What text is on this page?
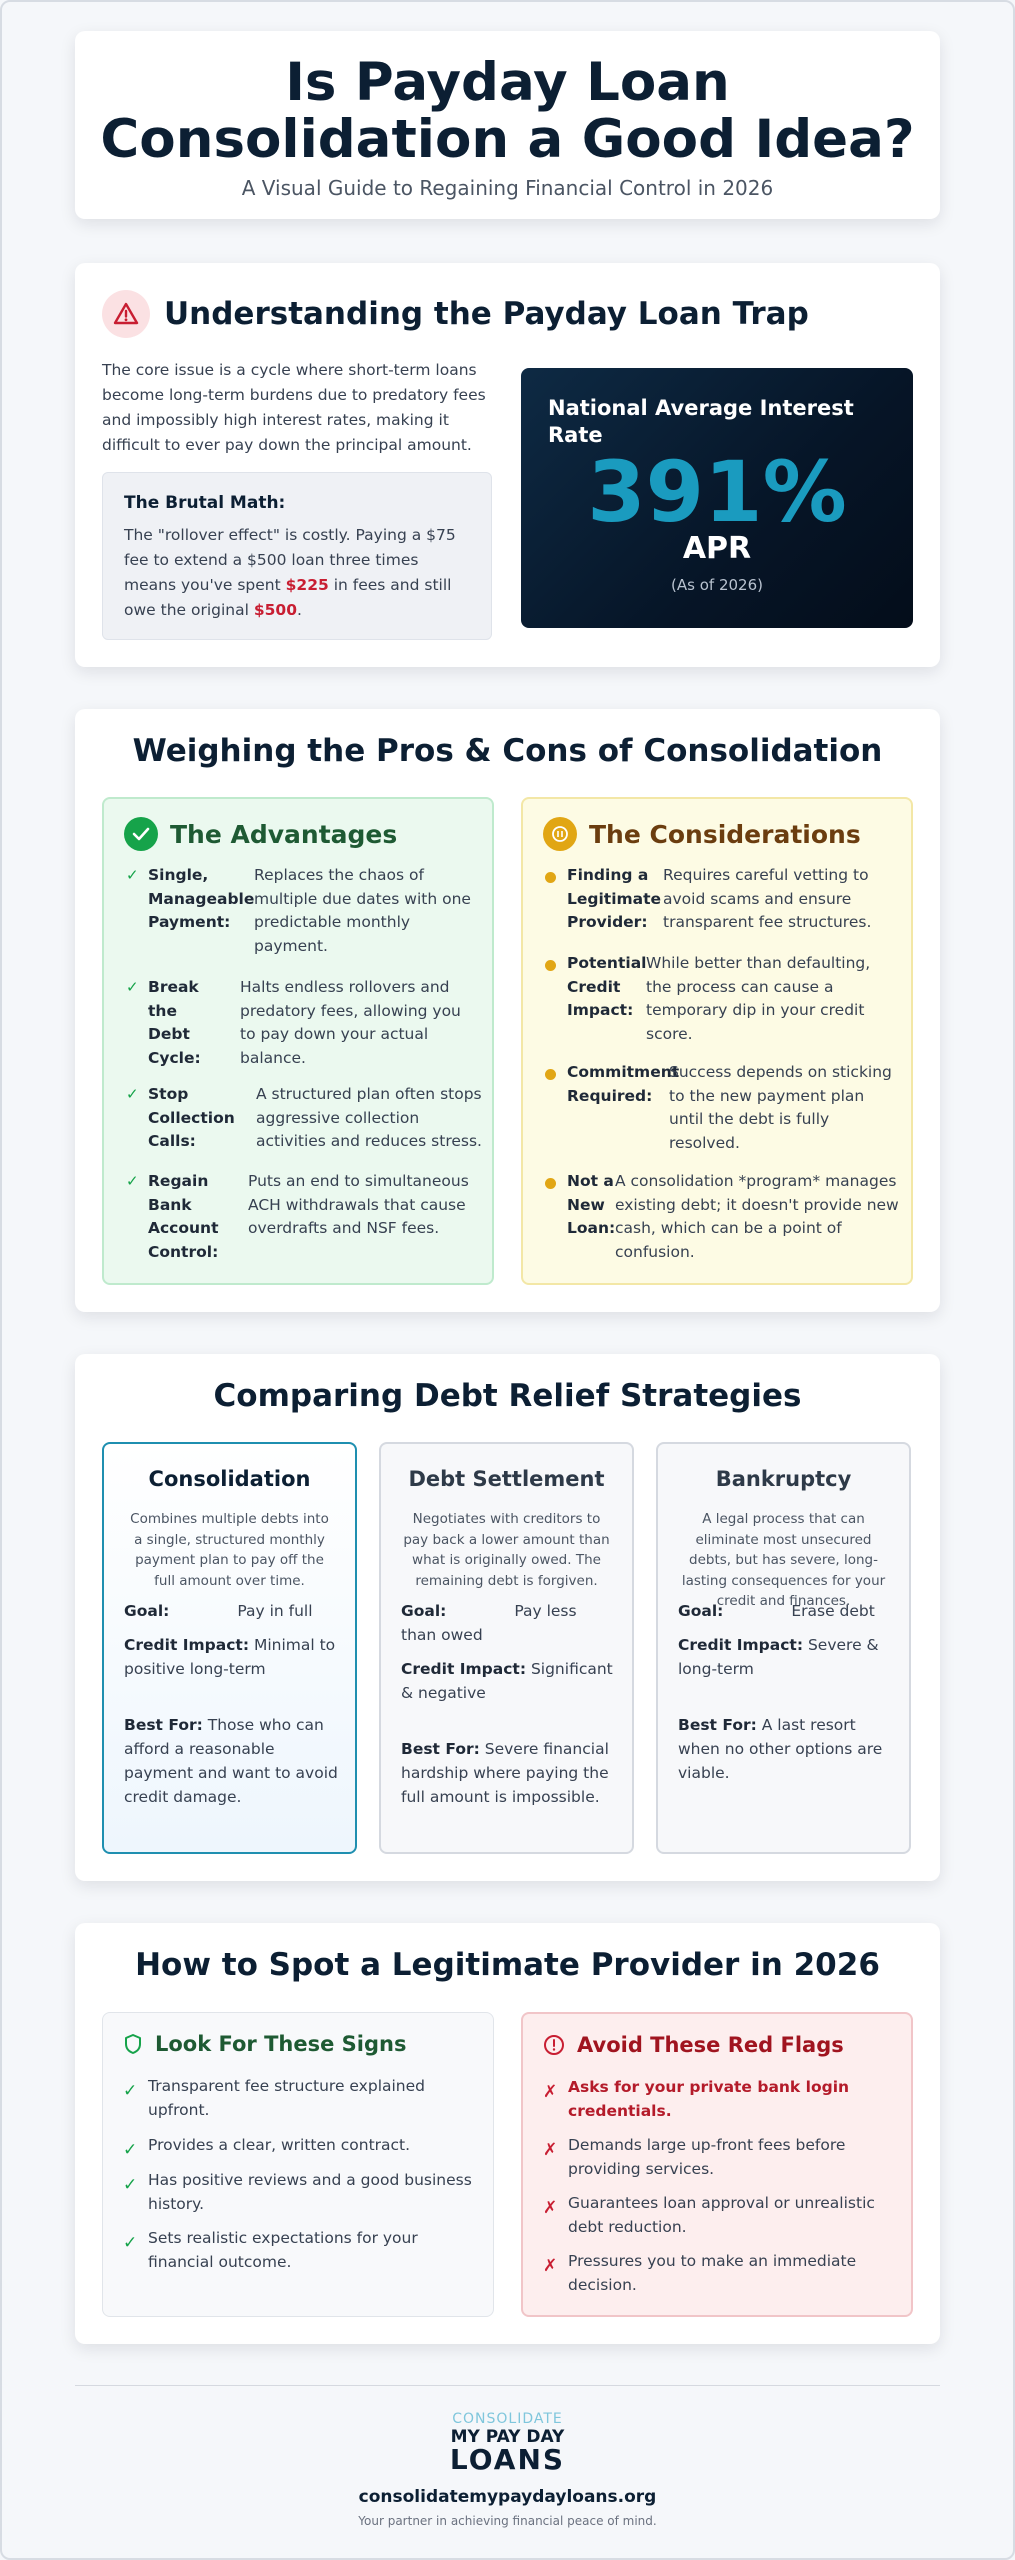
Is Payday Loan
Consolidation a Good Idea?
A Visual Guide to Regaining Financial Control in 2026
Understanding the Payday Loan Trap

The core issue is a cycle where short-term loans become long-term burdens due to predatory fees and impossibly high interest rates, making it difficult to ever pay down the principal amount.

The Brutal Math:

The "rollover effect" is costly. Paying a $75 fee to extend a $500 loan three times means you've spent $225 in fees and still owe the original $500.

National Average Interest Rate
391%
APR
(As of 2026)
Weighing the Pros & Cons of Consolidation
The Advantages
✓ Single, Manageable Payment:
Replaces the chaos of multiple due dates with one predictable monthly payment.
✓ Break the Debt Cycle:
Halts endless rollovers and predatory fees, allowing you to pay down your actual balance.
✓ Stop Collection Calls:
A structured plan often stops aggressive collection activities and reduces stress.
✓ Regain Bank Account Control:
Puts an end to simultaneous ACH withdrawals that cause overdrafts and NSF fees.
The Considerations
Finding a Legitimate Provider:
Requires careful vetting to avoid scams and ensure transparent fee structures.
Potential Credit Impact:
While better than defaulting, the process can cause a temporary dip in your credit score.
Commitment Required:
Success depends on sticking to the new payment plan until the debt is fully resolved.
Not a New Loan:
A consolidation *program* manages existing debt; it doesn't provide new cash, which can be a point of confusion.
Comparing Debt Relief Strategies
Consolidation
Combines multiple debts into a single, structured monthly payment plan to pay off the full amount over time.
Goal:	Pay in full
Credit Impact: Minimal to positive long-term
Best For: Those who can afford a reasonable payment and want to avoid credit damage.
Debt Settlement
Negotiates with creditors to pay back a lower amount than what is originally owed. The remaining debt is forgiven.
Goal:	Pay less than owed
Credit Impact: Significant & negative
Best For: Severe financial hardship where paying the full amount is impossible.
Bankruptcy
A legal process that can eliminate most unsecured debts, but has severe, long-lasting consequences for your credit and finances.
Goal:	Erase debt
Credit Impact: Severe & long-term
Best For: A last resort when no other options are viable.
How to Spot a Legitimate Provider in 2026
Look For These Signs
✓ Transparent fee structure explained upfront.
✓ Provides a clear, written contract.
✓ Has positive reviews and a good business history.
✓ Sets realistic expectations for your financial outcome.
Avoid These Red Flags
✗ Asks for your private bank login credentials.
✗ Demands large up-front fees before providing services.
✗ Guarantees loan approval or unrealistic debt reduction.
✗ Pressures you to make an immediate decision.
CONSOLIDATE
MY PAY DAY
LOANS
consolidatemypaydayloans.org
Your partner in achieving financial peace of mind.
